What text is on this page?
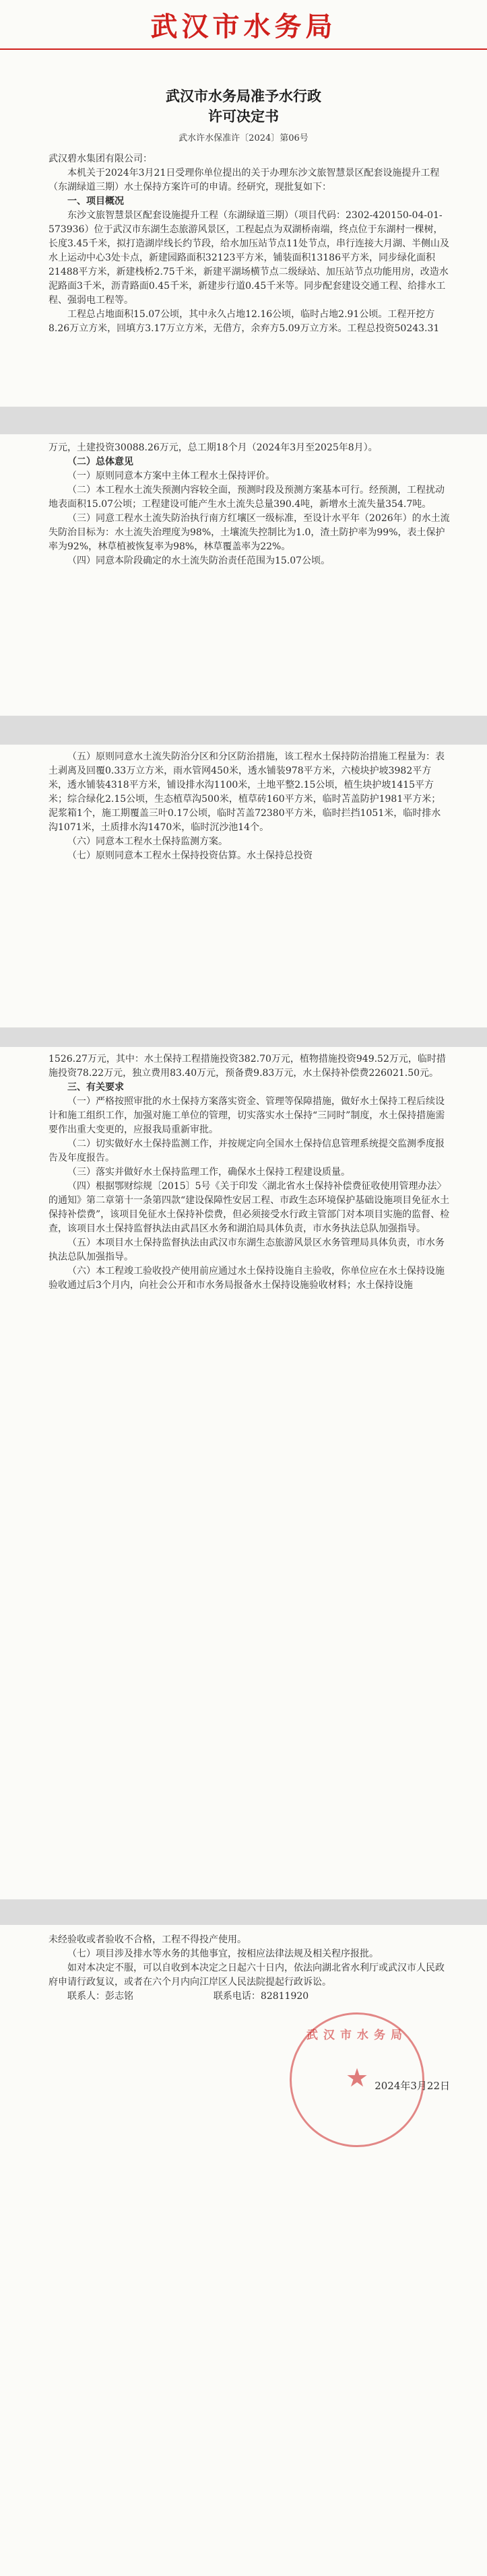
武汉市水务局
武汉市水务局准予水行政
许可决定书
武水许水保准许〔2024〕第06号

武汉碧水集团有限公司：

本机关于2024年3月21日受理你单位提出的关于办理东沙文旅智慧景区配套设施提升工程（东湖绿道三期）水土保持方案许可的申请。经研究，现批复如下：

一、项目概况

东沙文旅智慧景区配套设施提升工程（东湖绿道三期）（项目代码：2302-420150-04-01-573936）位于武汉市东湖生态旅游风景区，工程起点为双湖桥南端，终点位于东湖村一棵树，长度3.45千米，拟打造湖岸线长约节段，给水加压站节点11处节点，串行连接大月湖、半侧山及水上运动中心3处卡点，新建园路面积32123平方米，铺装面积13186平方米，同步绿化面积21488平方米，新建栈桥2.75千米，新建平湖场横节点二级绿站、加压站节点功能用房，改造水泥路面3千米，沥青路面0.45千米，新建步行道0.45千米等。同步配套建设交通工程、给排水工程、强弱电工程等。

工程总占地面积15.07公顷，其中永久占地12.16公顷，临时占地2.91公顷。工程开挖方8.26万立方米，回填方3.17万立方米，无借方，余弃方5.09万立方米。工程总投资50243.31

万元，土建投资30088.26万元，总工期18个月（2024年3月至2025年8月）。

（二）总体意见

（一）原则同意本方案中主体工程水土保持评价。

（二）本工程水土流失预测内容较全面，预测时段及预测方案基本可行。经预测，工程扰动地表面积15.07公顷；工程建设可能产生水土流失总量390.4吨，新增水土流失量354.7吨。

（三）同意工程水土流失防治执行南方红壤区一级标准，至设计水平年（2026年）的水土流失防治目标为：水土流失治理度为98%，土壤流失控制比为1.0，渣土防护率为99%，表土保护率为92%，林草植被恢复率为98%，林草覆盖率为22%。

（四）同意本阶段确定的水土流失防治责任范围为15.07公顷。

（五）原则同意水土流失防治分区和分区防治措施，该工程水土保持防治措施工程量为：表土剥离及回覆0.33万立方米，雨水管网450米，透水铺装978平方米，六棱块护坡3982平方米，透水铺装4318平方米，铺设排水沟1100米，土地平整2.15公顷，植生块护坡1415平方米；综合绿化2.15公顷，生态植草沟500米，植草砖160平方米，临时苫盖防护1981平方米；泥浆箱1个，施工期覆盖三叶0.17公顷，临时苫盖72380平方米，临时拦挡1051米，临时排水沟1071米，土质排水沟1470米，临时沉沙池14个。

（六）同意本工程水土保持监测方案。

（七）原则同意本工程水土保持投资估算。水土保持总投资

1526.27万元，其中：水土保持工程措施投资382.70万元，植物措施投资949.52万元，临时措施投资78.22万元，独立费用83.40万元，预备费9.83万元，水土保持补偿费226021.50元。

三、有关要求

（一）严格按照审批的水土保持方案落实资金、管理等保障措施，做好水土保持工程后续设计和施工组织工作，加强对施工单位的管理，切实落实水土保持“三同时”制度，水土保持措施需要作出重大变更的，应报我局重新审批。

（二）切实做好水土保持监测工作，并按规定向全国水土保持信息管理系统提交监测季度报告及年度报告。

（三）落实并做好水土保持监理工作，确保水土保持工程建设质量。

（四）根据鄂财综规〔2015〕5号《关于印发〈湖北省水土保持补偿费征收使用管理办法〉的通知》第二章第十一条第四款“建设保障性安居工程、市政生态环境保护基础设施项目免征水土保持补偿费”，该项目免征水土保持补偿费，但必须接受水行政主管部门对本项目实施的监督、检查，该项目水土保持监督执法由武昌区水务和湖泊局具体负责，市水务执法总队加强指导。

（五）本项目水土保持监督执法由武汉市东湖生态旅游风景区水务管理局具体负责，市水务执法总队加强指导。

（六）本工程竣工验收投产使用前应通过水土保持设施自主验收，你单位应在水土保持设施验收通过后3个月内，向社会公开和市水务局报备水土保持设施验收材料；水土保持设施

未经验收或者验收不合格，工程不得投产使用。

（七）项目涉及排水等水务的其他事宜，按相应法律法规及相关程序报批。

如对本决定不服，可以自收到本决定之日起六十日内，依法向湖北省水利厅或武汉市人民政府申请行政复议，或者在六个月内向江岸区人民法院提起行政诉讼。

联系人：彭志铭	联系电话：82811920

武汉市水务局
★ 2024年3月22日
